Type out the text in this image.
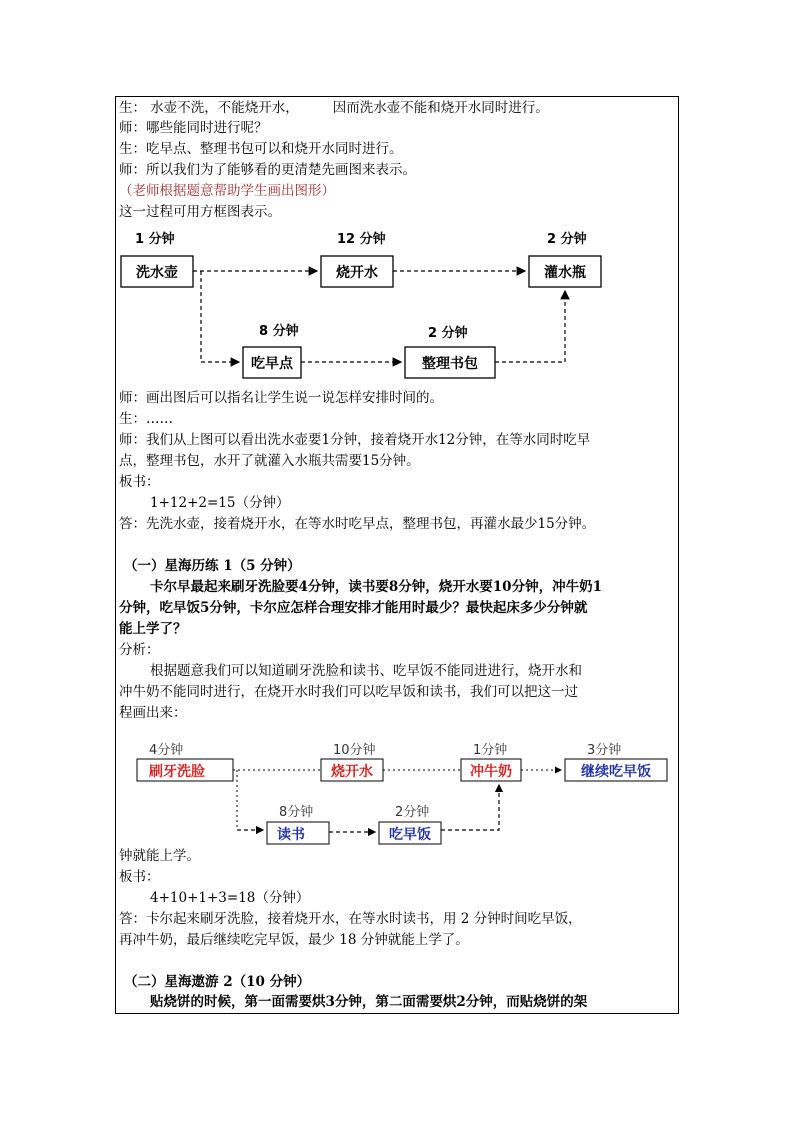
生： 水壶不洗，不能烧开水，	因而洗水壶不能和烧开水同时进行。
师：哪些能同时进行呢？
生：吃早点、整理书包可以和烧开水同时进行。
师：所以我们为了能够看的更清楚先画图来表示。
（老师根据题意帮助学生画出图形）
这一过程可用方框图表示。
1 分钟	12 分钟	2 分钟
8 分钟	2 分钟
洗水壶	烧开水	灌水瓶
吃早点	整理书包
师：画出图后可以指名让学生说一说怎样安排时间的。
生：……
师：我们从上图可以看出洗水壶要1分钟，接着烧开水12分钟，在等水同时吃早
点，整理书包，水开了就灌入水瓶共需要15分钟。
板书：
1+12+2=15（分钟）
答：先洗水壶，接着烧开水，在等水时吃早点，整理书包，再灌水最少15分钟。
（一）星海历练 1（5 分钟）
卡尔早最起来刷牙洗脸要4分钟，读书要8分钟，烧开水要10分钟，冲牛奶1
分钟，吃早饭5分钟，卡尔应怎样合理安排才能用时最少？最快起床多少分钟就
能上学了？
分析：
根据题意我们可以知道刷牙洗脸和读书、吃早饭不能同进进行，烧开水和
冲牛奶不能同时进行，在烧开水时我们可以吃早饭和读书，我们可以把这一过
程画出来：
4分钟	10分钟	1分钟	3分钟
8分钟	2分钟
刷牙洗脸	烧开水	冲牛奶	继续吃早饭
读书	吃早饭
钟就能上学。
板书：
4+10+1+3=18（分钟）
答：卡尔起来刷牙洗脸，接着烧开水，在等水时读书，用 2 分钟时间吃早饭，
再冲牛奶，最后继续吃完早饭，最少 18 分钟就能上学了。
（二）星海遨游 2（10 分钟）
贴烧饼的时候，第一面需要烘3分钟，第二面需要烘2分钟，而贴烧饼的架
